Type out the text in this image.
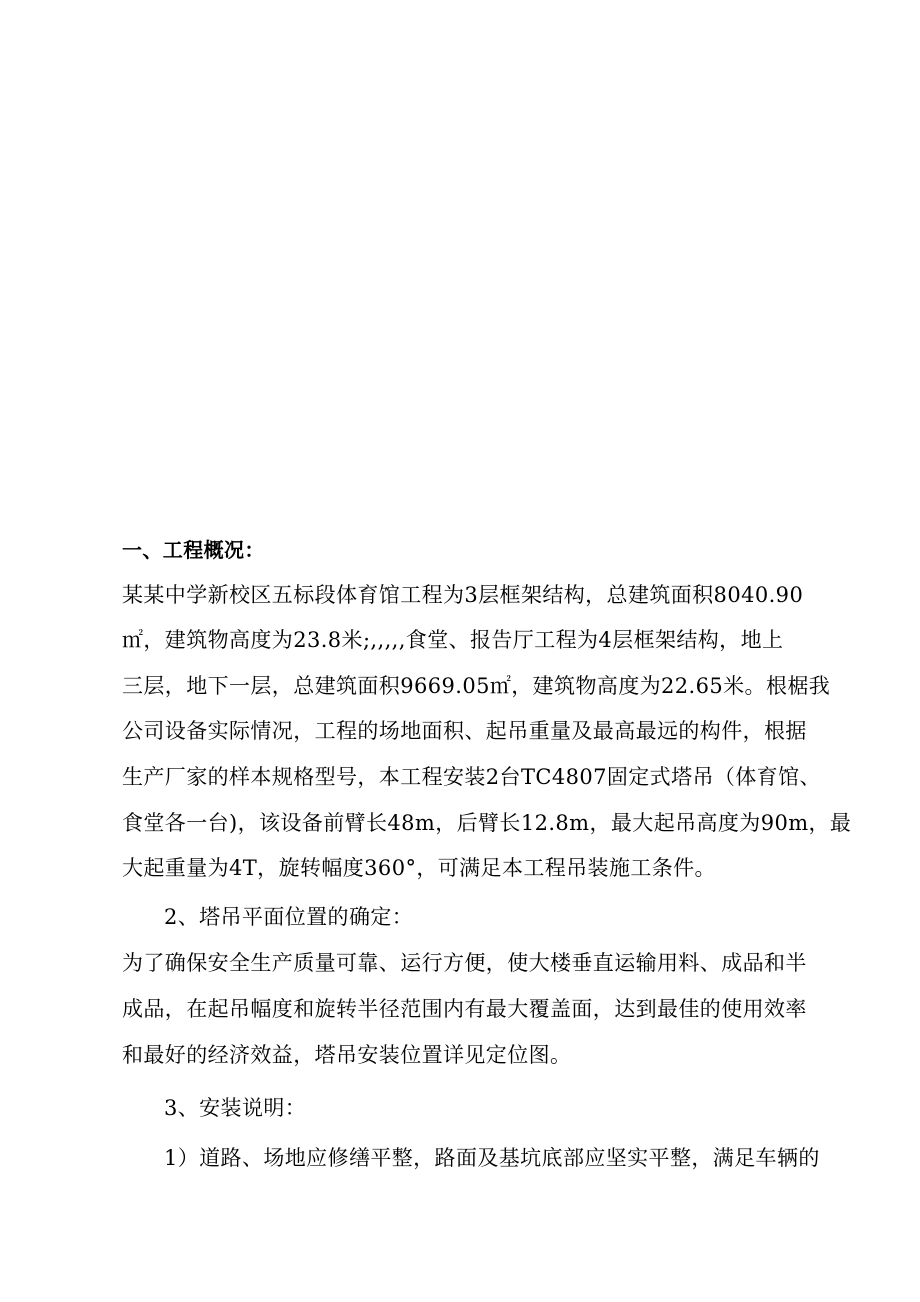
一、工程概况：
某某中学新校区五标段体育馆工程为3层框架结构，总建筑面积8040.90
㎡，建筑物高度为23.8米;,,,,,食堂、报告厅工程为4层框架结构，地上
三层，地下一层，总建筑面积9669.05㎡，建筑物高度为22.65米。根椐我
公司设备实际情况，工程的场地面积、起吊重量及最高最远的构件，根据
生产厂家的样本规格型号，本工程安装2台TC4807固定式塔吊（体育馆、
食堂各一台)，该设备前臂长48m，后臂长12.8m，最大起吊高度为90m，最
大起重量为4T，旋转幅度360°，可满足本工程吊装施工条件。
2、塔吊平面位置的确定：
为了确保安全生产质量可靠、运行方便，使大楼垂直运输用料、成品和半
成品，在起吊幅度和旋转半径范围内有最大覆盖面，达到最佳的使用效率
和最好的经济效益，塔吊安装位置详见定位图。
3、安装说明：
1）道路、场地应修缮平整，路面及基坑底部应坚实平整，满足车辆的
